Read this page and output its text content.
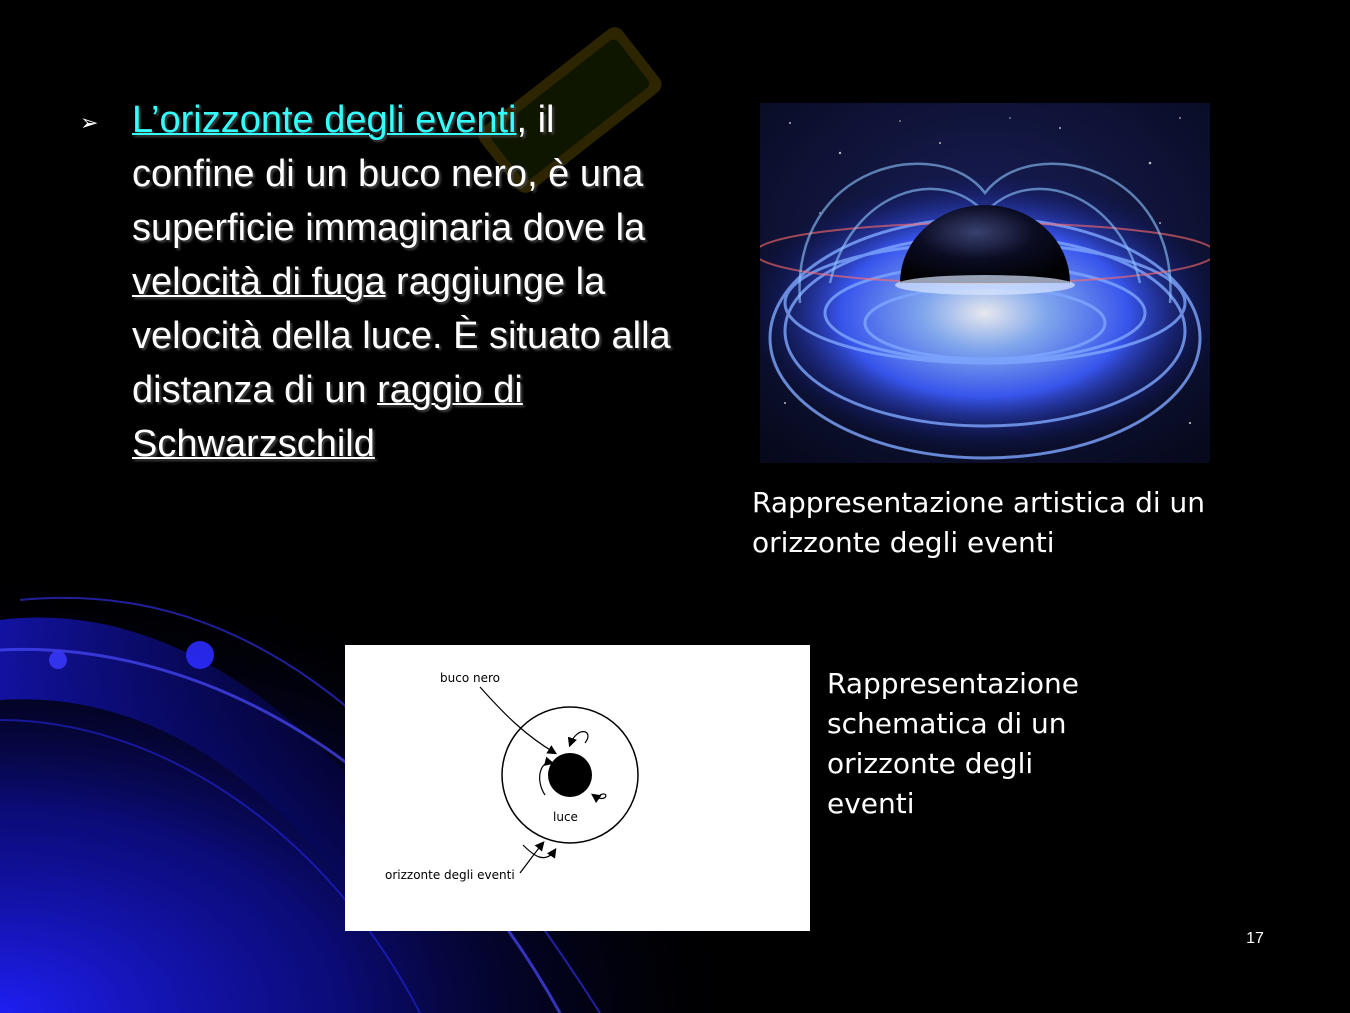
➢ L’orizzonte degli eventi, il confine di un buco nero, è una superficie immaginaria dove la velocità di fuga raggiunge la velocità della luce. È situato alla distanza di un raggio di Schwarzschild
Rappresentazione artistica di un orizzonte degli eventi
buco nero
luce
orizzonte degli eventi
Rappresentazione schematica di un orizzonte degli eventi
17
